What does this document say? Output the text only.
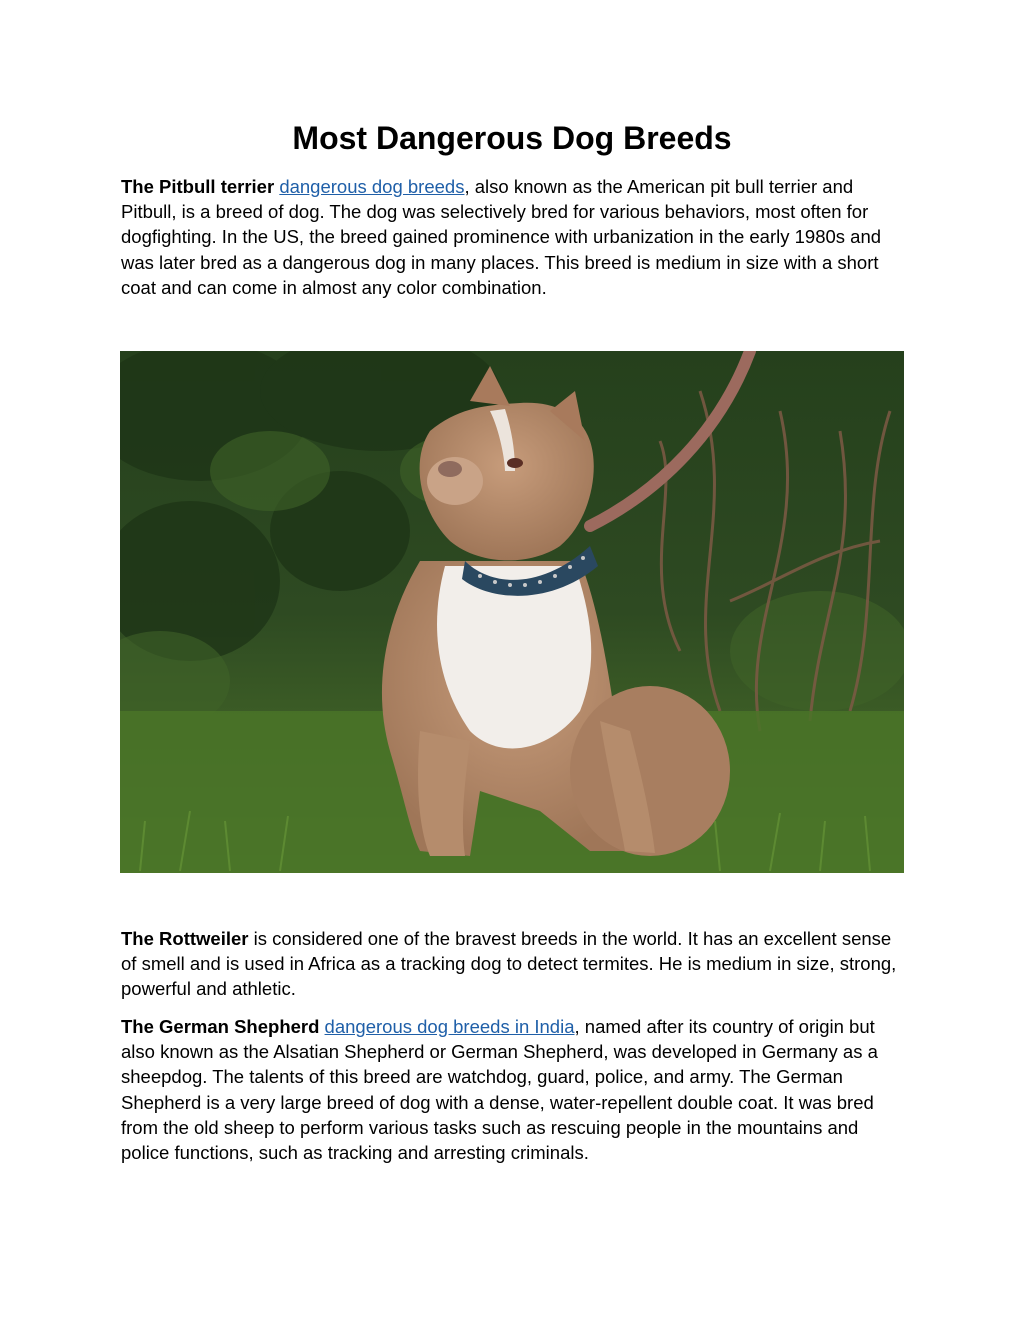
Most Dangerous Dog Breeds

The Pitbull terrier dangerous dog breeds, also known as the American pit bull terrier and Pitbull, is a breed of dog. The dog was selectively bred for various behaviors, most often for dogfighting. In the US, the breed gained prominence with urbanization in the early 1980s and was later bred as a dangerous dog in many places. This breed is medium in size with a short coat and can come in almost any color combination.

The Rottweiler is considered one of the bravest breeds in the world. It has an excellent sense of smell and is used in Africa as a tracking dog to detect termites. He is medium in size, strong, powerful and athletic.

The German Shepherd dangerous dog breeds in India, named after its country of origin but also known as the Alsatian Shepherd or German Shepherd, was developed in Germany as a sheepdog. The talents of this breed are watchdog, guard, police, and army. The German Shepherd is a very large breed of dog with a dense, water-repellent double coat. It was bred from the old sheep to perform various tasks such as rescuing people in the mountains and police functions, such as tracking and arresting criminals.
